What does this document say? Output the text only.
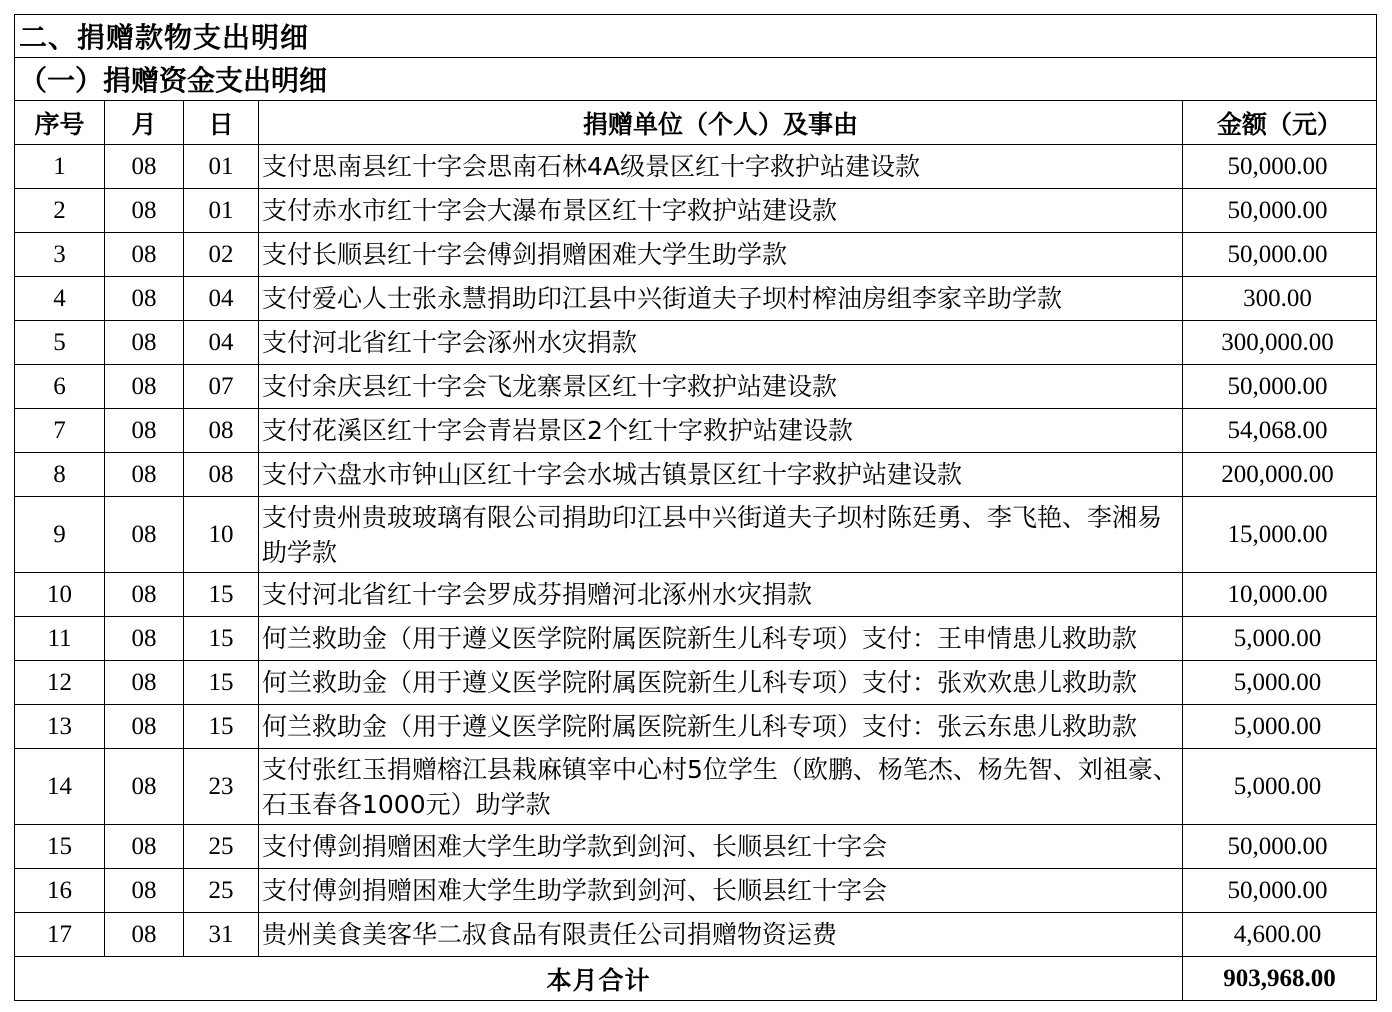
二、捐赠款物支出明细				
（一）捐赠资金支出明细				
序号	月	日	捐赠单位（个人）及事由	金额（元）
1	08	01	支付思南县红十字会思南石林4A级景区红十字救护站建设款	50,000.00
2	08	01	支付赤水市红十字会大瀑布景区红十字救护站建设款	50,000.00
3	08	02	支付长顺县红十字会傅剑捐赠困难大学生助学款	50,000.00
4	08	04	支付爱心人士张永慧捐助印江县中兴街道夫子坝村榨油房组李家辛助学款	300.00
5	08	04	支付河北省红十字会涿州水灾捐款	300,000.00
6	08	07	支付余庆县红十字会飞龙寨景区红十字救护站建设款	50,000.00
7	08	08	支付花溪区红十字会青岩景区2个红十字救护站建设款	54,068.00
8	08	08	支付六盘水市钟山区红十字会水城古镇景区红十字救护站建设款	200,000.00
9	08	10	支付贵州贵玻玻璃有限公司捐助印江县中兴街道夫子坝村陈廷勇、李飞艳、李湘易助学款	15,000.00
10	08	15	支付河北省红十字会罗成芬捐赠河北涿州水灾捐款	10,000.00
11	08	15	何兰救助金（用于遵义医学院附属医院新生儿科专项）支付：王申情患儿救助款	5,000.00
12	08	15	何兰救助金（用于遵义医学院附属医院新生儿科专项）支付：张欢欢患儿救助款	5,000.00
13	08	15	何兰救助金（用于遵义医学院附属医院新生儿科专项）支付：张云东患儿救助款	5,000.00
14	08	23	支付张红玉捐赠榕江县栽麻镇宰中心村5位学生（欧鹏、杨笔杰、杨先智、刘祖豪、石玉春各1000元）助学款	5,000.00
15	08	25	支付傅剑捐赠困难大学生助学款到剑河、长顺县红十字会	50,000.00
16	08	25	支付傅剑捐赠困难大学生助学款到剑河、长顺县红十字会	50,000.00
17	08	31	贵州美食美客华二叔食品有限责任公司捐赠物资运费	4,600.00
本月合计				903,968.00
